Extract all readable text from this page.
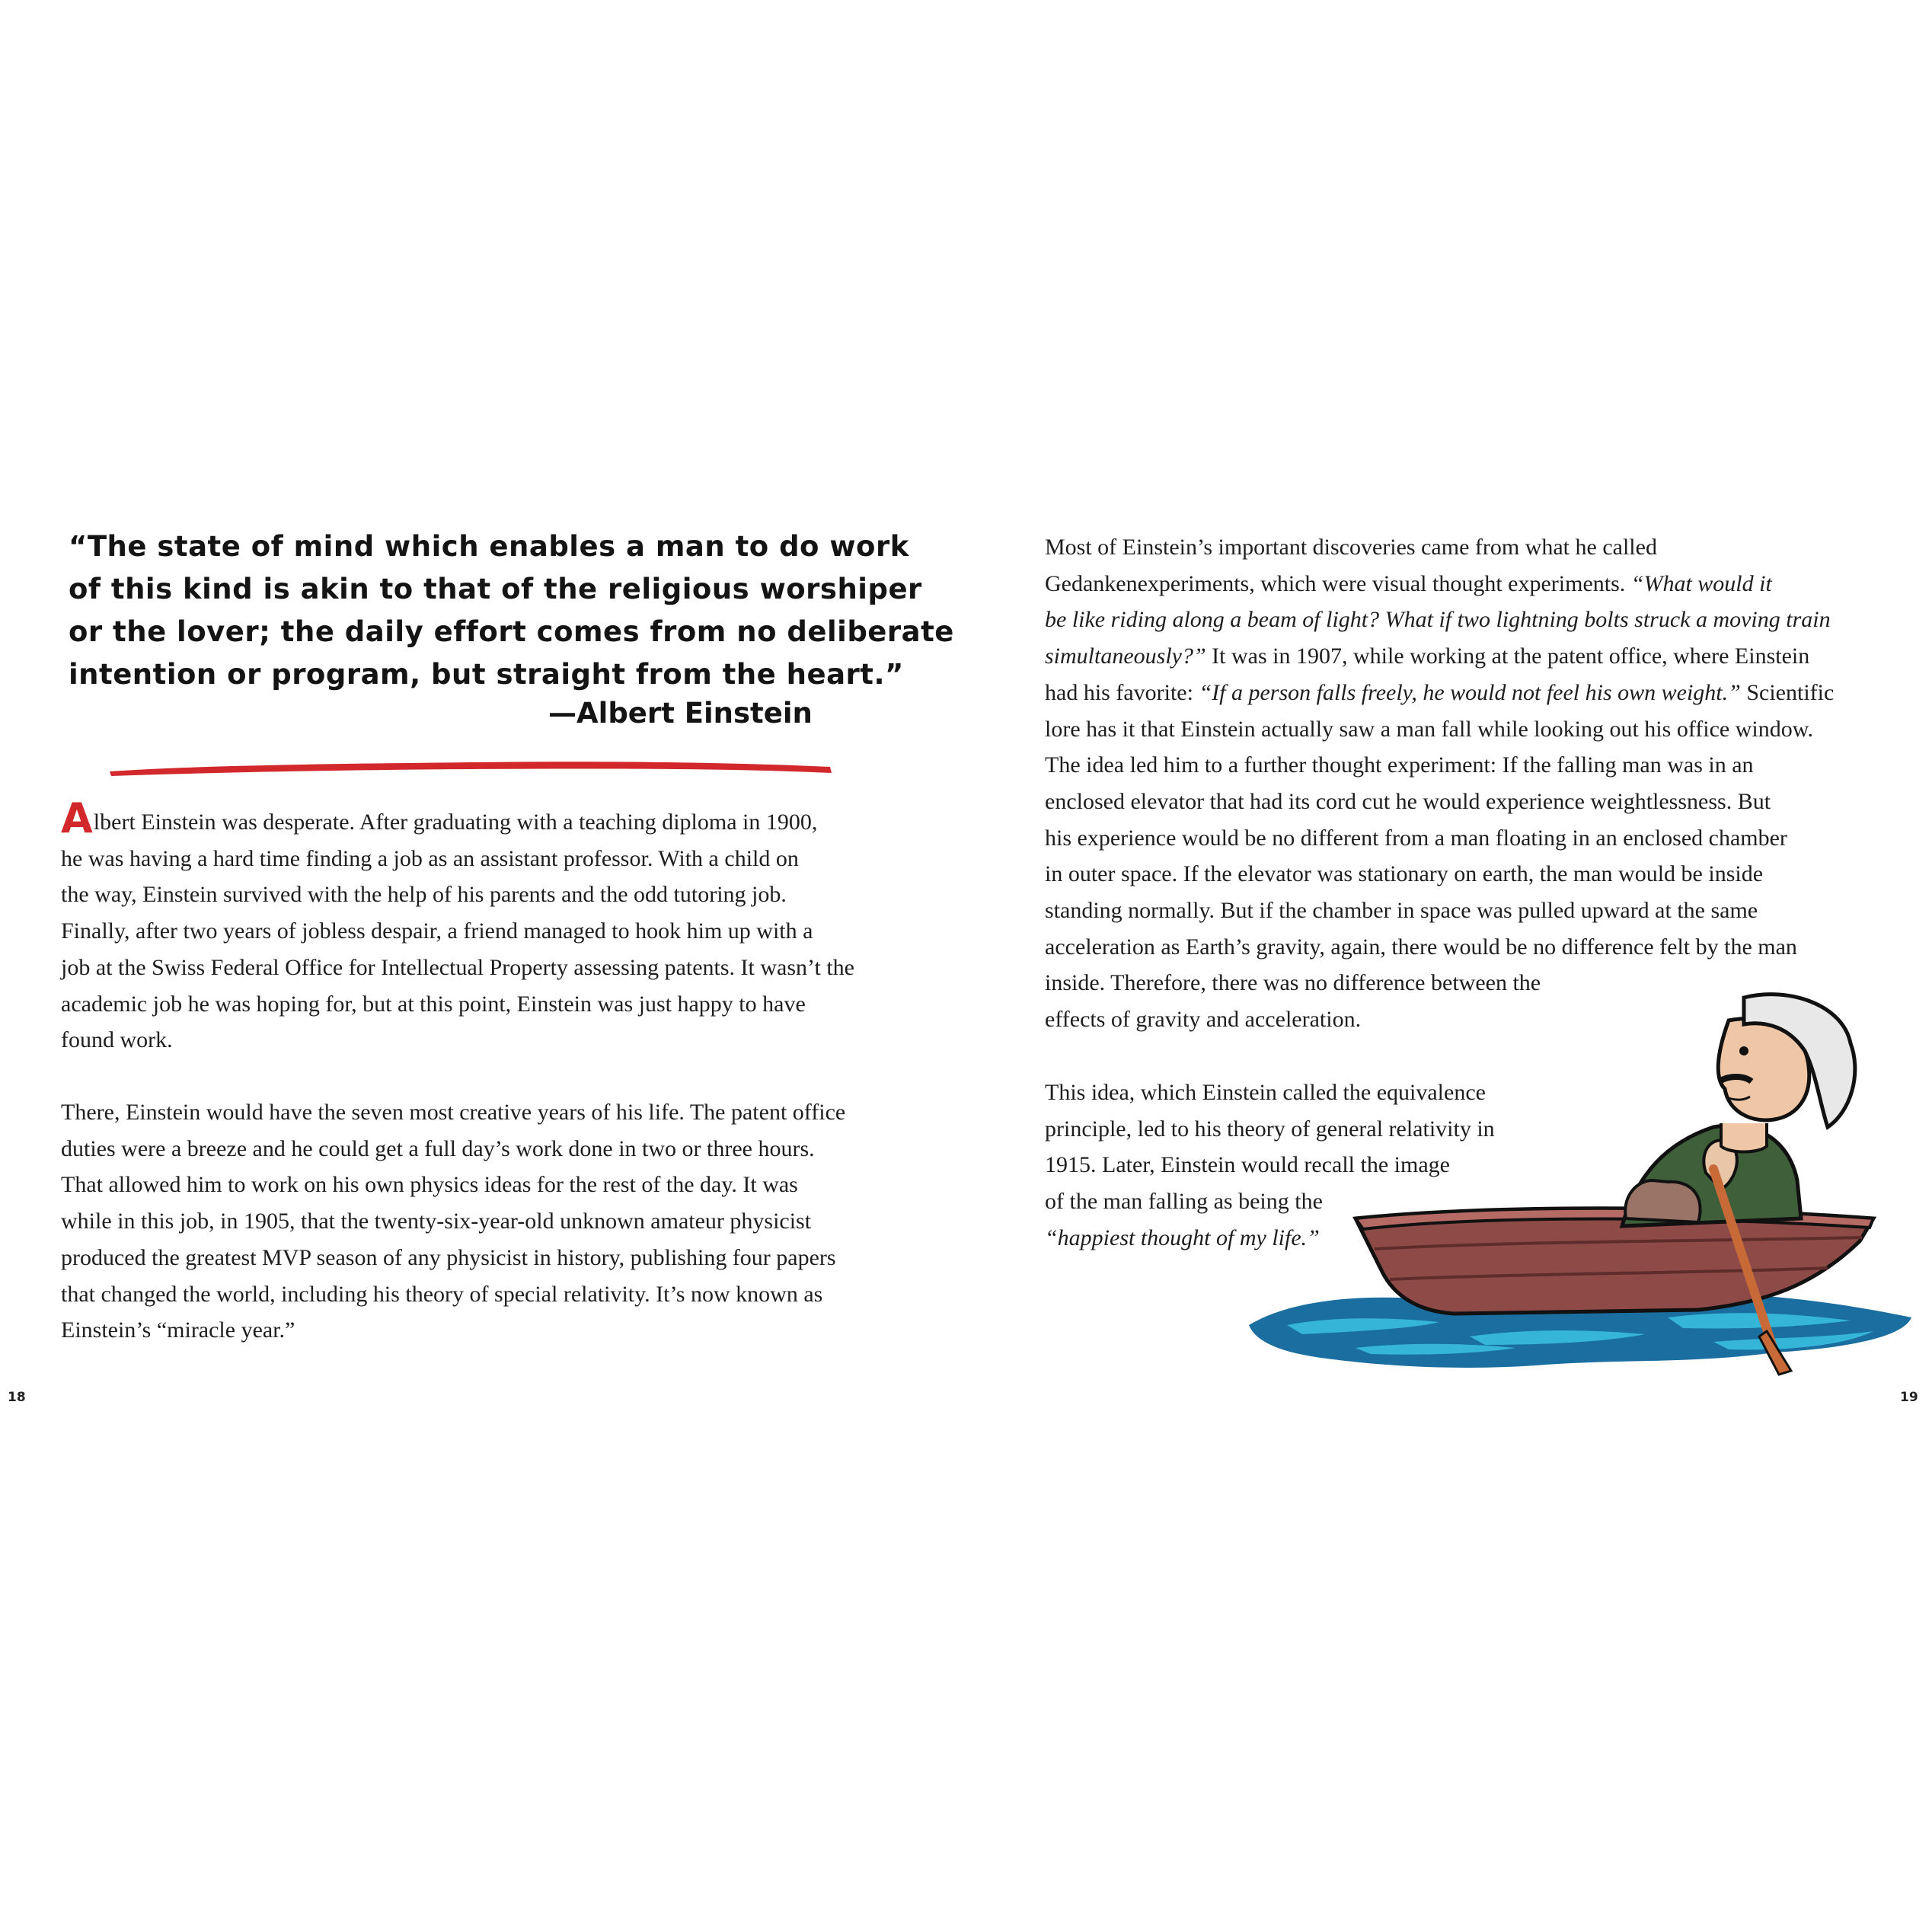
“The state of mind which enables a man to do work
of this kind is akin to that of the religious worshiper
or the lover; the daily effort comes from no deliberate
intention or program, but straight from the heart.”
—Albert Einstein
Albert Einstein was desperate. After graduating with a teaching diploma in 1900,
he was having a hard time finding a job as an assistant professor. With a child on
the way, Einstein survived with the help of his parents and the odd tutoring job.
Finally, after two years of jobless despair, a friend managed to hook him up with a
job at the Swiss Federal Office for Intellectual Property assessing patents. It wasn’t the
academic job he was hoping for, but at this point, Einstein was just happy to have
found work.
There, Einstein would have the seven most creative years of his life. The patent office
duties were a breeze and he could get a full day’s work done in two or three hours.
That allowed him to work on his own physics ideas for the rest of the day. It was
while in this job, in 1905, that the twenty-six-year-old unknown amateur physicist
produced the greatest MVP season of any physicist in history, publishing four papers
that changed the world, including his theory of special relativity. It’s now known as
Einstein’s “miracle year.”
18
Most of Einstein’s important discoveries came from what he called
Gedankenexperiments, which were visual thought experiments. “What would it
be like riding along a beam of light? What if two lightning bolts struck a moving train
simultaneously?” It was in 1907, while working at the patent office, where Einstein
had his favorite: “If a person falls freely, he would not feel his own weight.” Scientific
lore has it that Einstein actually saw a man fall while looking out his office window.
The idea led him to a further thought experiment: If the falling man was in an
enclosed elevator that had its cord cut he would experience weightlessness. But
his experience would be no different from a man floating in an enclosed chamber
in outer space. If the elevator was stationary on earth, the man would be inside
standing normally. But if the chamber in space was pulled upward at the same
acceleration as Earth’s gravity, again, there would be no difference felt by the man
inside. Therefore, there was no difference between the
effects of gravity and acceleration.
This idea, which Einstein called the equivalence
principle, led to his theory of general relativity in
1915. Later, Einstein would recall the image
of the man falling as being the
“happiest thought of my life.”
19
